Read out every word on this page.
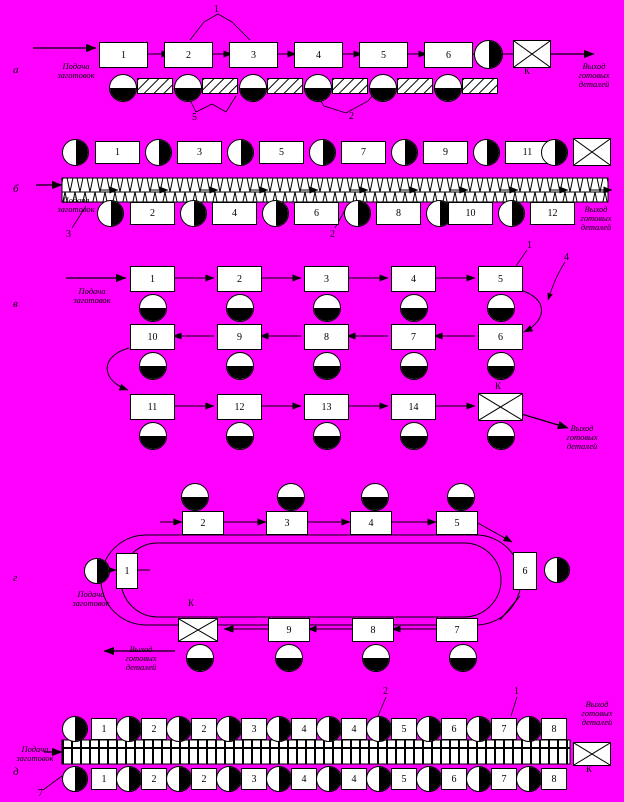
а	Подача
заготовок
Выход
готовых
деталей
1
5	2
1	2	3	4	5	6
К
б
Подача
заготовок	Выход
готовых
деталей
3	2
1	3	5	7	9	11
2	4	6	8	10	12
в
Подача
заготовок
Выход
готовых
деталей
1
4
1	2	3	4	5
10	9	8	7	6
11	12	13	14
К
г
Подача
заготовок
Выход
готовых
деталей
1
2	3	4	5
6
7
8
9
К
д
Подача
заготовок
Выход
готовых
деталей
2	1
7
1	2	2	3	4	4	5	6	7	8
1	2	2	3	4	4	5	6	7	8
К
